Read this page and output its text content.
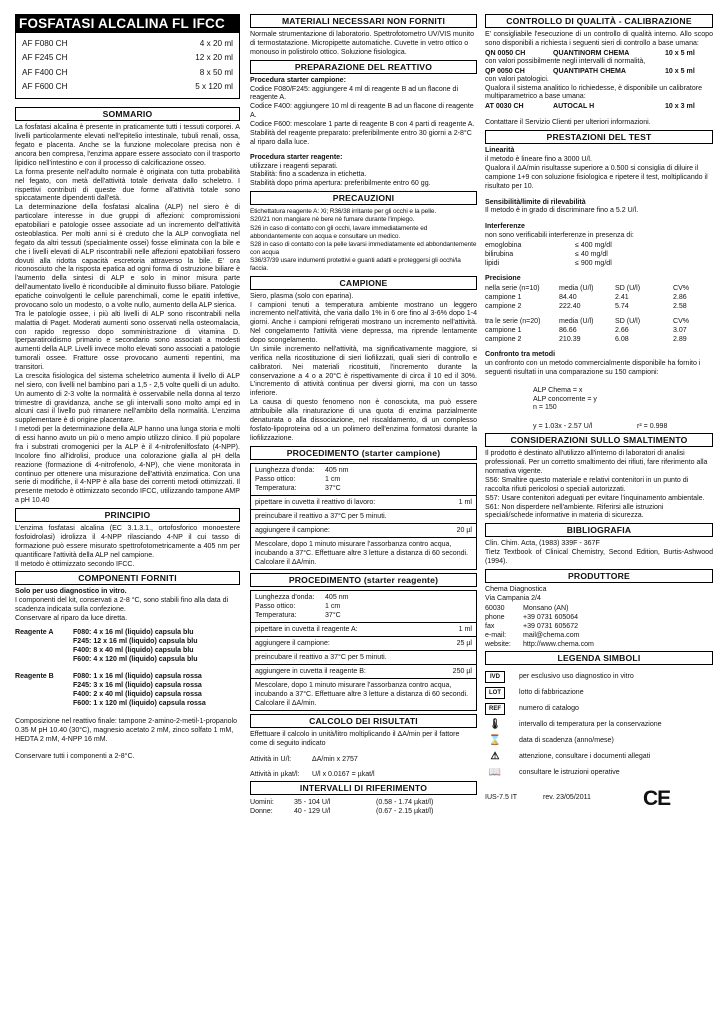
FOSFATASI ALCALINA FL IFCC
AF F080 CH	4 x 20 ml
AF F245 CH	12 x 20 ml
AF F400 CH	8 x 50 ml
AF F600 CH	5 x 120 ml
SOMMARIO
La fosfatasi alcalina è presente in praticamente tutti i tessuti corporei. A livelli particolarmente elevati nell'epitelio intestinale, tubuli renali, ossa, fegato e placenta. Anche se la funzione molecolare precisa non è ancora ben compresa, l'enzima appare essere associato con il trasporto lipidico nell'intestino e con il processo di calcificazione osseo.
La forma presente nell'adulto normale è originata con tutta probabilità nel fegato, con metà dell'attività totale derivata dallo scheletro. I rispettivi contributi di queste due forme all'attività totale sono spiccatamente dipendenti dall'età.
La determinazione della fosfatasi alcalina (ALP) nel siero è di particolare interesse in due gruppi di affezioni: compromissioni epatobiliari e patologie ossee associate ad un incremento dell'attività osteoblastica. Per molti anni si è creduto che la ALP convogliata nel fegato da altri tessuti (specialmente ossei) fosse eliminata con la bile e che i livelli elevati di ALP riscontrabili nelle affezioni epatobiliari fossero dovuti alla ridotta capacità escretoria attraverso la bile. E' ora riconosciuto che la risposta epatica ad ogni forma di ostruzione biliare è l'aumento della sintesi di ALP e solo in minor misura parte dell'aumentato livello è riconducibile al diminuito flusso biliare. Patologie epatiche coinvolgenti le cellule parenchimali, come le epatiti infettive, provocano solo un modesto, o a volte nullo, aumento della ALP sierica.
Tra le patologie ossee, i più alti livelli di ALP sono riscontrabili nella malattia di Paget. Moderati aumenti sono osservati nella osteomalacia, con rapido regresso dopo somministrazione di vitamina D. Iperparatiroidismo primario e secondario sono associati a modesti aumenti della ALP. Livelli invece molto elevati sono associati a patologie tumorali ossee. Fratture osse provocano aumenti repentini, ma transitori.
La crescita fisiologica del sistema scheletrico aumenta il livello di ALP nel siero, con livelli nel bambino pari a 1,5 - 2,5 volte quelli di un adulto. Un aumento di 2-3 volte la normalità è osservabile nella donna al terzo trimestre di gravidanza, anche se gli intervalli sono molto ampi ed in alcuni casi il livello può rimanere nell'ambito della normalità. L'enzima supplementare è di origine placentare.
I metodi per la determinazione della ALP hanno una lunga storia e molti di essi hanno avuto un più o meno ampio utilizzo clinico. Il più popolare fra i substrati cromogenici per la ALP è il 4-nitrofenilfosfato (4-NPP). Incolore fino all'idrolisi, produce una colorazione gialla al pH della reazione (formazione di 4-nitrofenolo, 4-NP), che viene monitorata in continuo per ottenere una misurazione dell'attività enzimatica. Con una serie di modifiche, il 4-NPP è alla base dei correnti metodi ottimizzati. Il presente metodo è ottimizzato secondo IFCC, utilizzando tampone AMP a pH 10.40
PRINCIPIO
L'enzima fosfatasi alcalina (EC 3.1.3.1., ortofosforico monoestere fosfoidrolasi) idrolizza il 4-NPP rilasciando 4-NP il cui tasso di formazione può essere misurato spettrofotometricamente a 405 nm per quantificare l'attività della ALP nel campione.
Il metodo è ottimizzato secondo IFCC.
COMPONENTI FORNITI
Solo per uso diagnostico in vitro.
I componenti del kit, conservati a 2-8 °C, sono stabili fino alla data di scadenza indicata sulla confezione.
Conservare al riparo da luce diretta.
Reagente A	F080: 4 x 16 ml (liquido) capsula blu
F245: 12 x 16 ml (liquido) capsula blu
F400: 8 x 40 ml (liquido) capsula blu
F600: 4 x 120 ml (liquido) capsula blu
Reagente B	F080: 1 x 16 ml (liquido) capsula rossa
F245: 3 x 16 ml (liquido) capsula rossa
F400: 2 x 40 ml (liquido) capsula rossa
F600: 1 x 120 ml (liquido) capsula rossa
Composizione nel reattivo finale: tampone 2-amino-2-metil-1-propanolo 0.35 M pH 10.40 (30°C), magnesio acetato 2 mM, zinco solfato 1 mM, HEDTA 2 mM, 4-NPP 16 mM.
Conservare tutti i componenti a 2-8°C.
MATERIALI NECESSARI NON FORNITI
Normale strumentazione di laboratorio. Spettrofotometro UV/VIS munito di termostatazione. Micropipette automatiche. Cuvette in vetro ottico o monouso in polistirolo ottico. Soluzione fisiologica.
PREPARAZIONE DEL REATTIVO
Procedura starter campione:
Codice F080/F245: aggiungere 4 ml di reagente B ad un flacone di reagente A.
Codice F400: aggiungere 10 ml di reagente B ad un flacone di reagente A.
Codice F600: mescolare 1 parte di reagente B con 4 parti di reagente A.
Stabilità del reagente preparato: preferibilmente entro 30 giorni a 2-8°C al riparo dalla luce.
Procedura starter reagente:
utilizzare i reagenti separati.
Stabilità: fino a scadenza in etichetta.
Stabilità dopo prima apertura: preferibilmente entro 60 gg.
PRECAUZIONI
Etichettatura reagente A: Xi; R36/38 irritante per gli occhi e la pelle.
S20/21 non mangiare nè bere nè fumare durante l'impiego.
S26 in caso di contatto con gli occhi, lavare immediatamente ed abbondantemente con acqua e consultare un medico.
S28 in caso di contatto con la pelle lavarsi immediatamente ed abbondantemente con acqua
S36/37/39 usare indumenti protettivi e guanti adatti e proteggersi gli occhi/la faccia.
CAMPIONE
Siero, plasma (solo con eparina).
I campioni tenuti a temperatura ambiente mostrano un leggero incremento nell'attività, che varia dallo 1% in 6 ore fino al 3-6% dopo 1-4 giorni. Anche i campioni refrigerati mostrano un incremento nell'attività. Nel congelamento l'attività viene depressa, ma riprende lentamente dopo scongelamento.
Un simile incremento nell'attività, ma significativamente maggiore, si verifica nella ricostituzione di sieri liofilizzati, quali sieri di controllo e calibratori. Nei materiali ricostituiti, l'incremento durante la conservazione a 4 o a 20°C è rispettivamente di circa il 10 ed il 30%. L'incremento di attività continua per diversi giorni, ma con un tasso inferiore.
La causa di questo fenomeno non è conosciuta, ma può essere attribuibile alla rinaturazione di una quota di enzima parzialmente denaturata o alla dissociazione, nel riscaldamento, di un complesso fosfato-lipoproteina od a un polimero dell'enzima formatosi durante la liofilizzazione.
PROCEDIMENTO (starter campione)
Lunghezza d'onda:	405 nm
Passo ottico:	1 cm
Temperatura:	37°C
pipettare in cuvetta il reattivo di lavoro:	1 ml
preincubare il reattivo a 37°C per 5 minuti.
aggiungere il campione:	20 µl
Mescolare, dopo 1 minuto misurare l'assorbanza contro acqua, incubando a 37°C. Effettuare altre 3 letture a distanza di 60 secondi. Calcolare il ΔA/min.
PROCEDIMENTO (starter reagente)
Lunghezza d'onda:	405 nm
Passo ottico:	1 cm
Temperatura:	37°C
pipettare in cuvetta il reagente A:	1 ml
aggiungere il campione:	25 µl
preincubare il reattivo a 37°C per 5 minuti.
aggiungere in cuvetta il reagente B:	250 µl
Mescolare, dopo 1 minuto misurare l'assorbanza contro acqua, incubando a 37°C. Effettuare altre 3 letture a distanza di 60 secondi. Calcolare il ΔA/min.
CALCOLO DEI RISULTATI
Effettuare il calcolo in unità/litro moltiplicando il ΔA/min per il fattore come di seguito indicato
Attività in U/l:	ΔA/min x 2757
Attività in µkat/l:	U/l x 0.0167 = µkat/l
INTERVALLI DI RIFERIMENTO
Uomini:	35 - 104 U/l	(0.58 - 1.74 µkat/l)
Donne:	40 - 129 U/l	(0.67 - 2.15 µkat/l)
CONTROLLO DI QUALITÀ - CALIBRAZIONE
E' consigliabile l'esecuzione di un controllo di qualità interno. Allo scopo sono disponibili a richiesta i seguenti sieri di controllo a base umana:
QN 0050 CH	QUANTINORM CHEMA	10 x 5 ml
con valori possibilmente negli intervalli di normalità,
QP 0050 CH	QUANTIPATH CHEMA	10 x 5 ml
con valori patologici.
Qualora il sistema analitico lo richiedesse, è disponibile un calibratore multiparametrico a base umana:
AT 0030 CH	AUTOCAL H	10 x 3 ml
Contattare il Servizio Clienti per ulteriori informazioni.
PRESTAZIONI DEL TEST
Linearità
il metodo è lineare fino a 3000 U/l.
Qualora il ΔA/min risultasse superiore a 0.500 si consiglia di diluire il campione 1+9 con soluzione fisiologica e ripetere il test, moltiplicando il risultato per 10.
Sensibilità/limite di rilevabilità
Il metodo è in grado di discriminare fino a 5.2 U/l.
Interferenze
non sono verificabili interferenze in presenza di:
emoglobina	≤ 400 mg/dl
bilirubina	≤ 40 mg/dl
lipidi	≤ 900 mg/dl
Precisione
nella serie (n=10)	media (U/l)	SD (U/l)	CV%
campione 1	84.40	2.41	2.86
campione 2	222.40	5.74	2.58
tra le serie (n=20)	media (U/l)	SD (U/l)	CV%
campione 1	86.66	2.66	3.07
campione 2	210.39	6.08	2.89
Confronto tra metodi
un confronto con un metodo commercialmente disponibile ha fornito i seguenti risultati in una comparazione su 150 campioni:
ALP Chema = x
ALP concorrente = y
n = 150
y = 1.03x - 2.57 U/l	r² = 0.998
CONSIDERAZIONI SULLO SMALTIMENTO
Il prodotto è destinato all'utilizzo all'interno di laboratori di analisi professionali. Per un corretto smaltimento dei rifiuti, fare riferimento alla normativa vigente.
S56: Smaltire questo materiale e relativi contenitori in un punto di raccolta rifiuti pericolosi o speciali autorizzati.
S57: Usare contenitori adeguati per evitare l'inquinamento ambientale.
S61: Non disperdere nell'ambiente. Riferirsi alle istruzioni speciali/schede informative in materia di sicurezza.
BIBLIOGRAFIA
Clin. Chim. Acta, (1983) 339F - 367F
Tietz Textbook of Clinical Chemistry, Second Edition, Burtis-Ashwood (1994).
PRODUTTORE
Chema Diagnostica
Via Campania 2/4
60030	Monsano (AN)
phone	+39 0731 605064
fax	+39 0731 605672
e-mail:	mail@chema.com
website:	http://www.chema.com
LEGENDA SIMBOLI
IVD	per esclusivo uso diagnostico in vitro
LOT	lotto di fabbricazione
REF	numero di catalogo
🌡	intervallo di temperatura per la conservazione
⌛	data di scadenza (anno/mese)
⚠	attenzione, consultare i documenti allegati
📖	consultare le istruzioni operative
IUS-7.5 IT	rev. 23/05/2011	CE
